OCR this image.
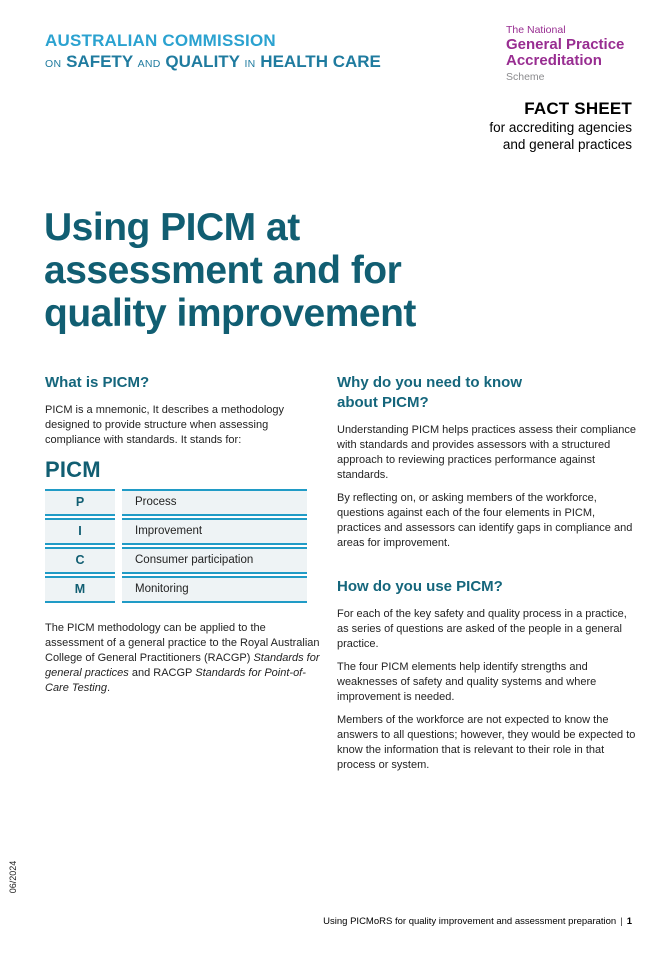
AUSTRALIAN COMMISSION
ON SAFETY AND QUALITY IN HEALTH CARE
The National
General Practice
Accreditation
Scheme
FACT SHEET
for accrediting agencies
and general practices
Using PICM at
assessment and for
quality improvement
What is PICM?

PICM is a mnemonic, It describes a methodology designed to provide structure when assessing compliance with standards. It stands for:

PICM
P	Process
I	Improvement
C	Consumer participation
M	Monitoring

The PICM methodology can be applied to the assessment of a general practice to the Royal Australian College of General Practitioners (RACGP) Standards for general practices and RACGP Standards for Point-of-Care Testing.

Why do you need to know
about PICM?

Understanding PICM helps practices assess their compliance with standards and provides assessors with a structured approach to reviewing practices performance against standards.

By reflecting on, or asking members of the workforce, questions against each of the four elements in PICM, practices and assessors can identify gaps in compliance and areas for improvement.

How do you use PICM?

For each of the key safety and quality process in a practice, as series of questions are asked of the people in a general practice.

The four PICM elements help identify strengths and weaknesses of safety and quality systems and where improvement is needed.

Members of the workforce are not expected to know the answers to all questions; however, they would be expected to know the information that is relevant to their role in that process or system.

06/2024
Using PICMoRS for quality improvement and assessment preparation | 1
